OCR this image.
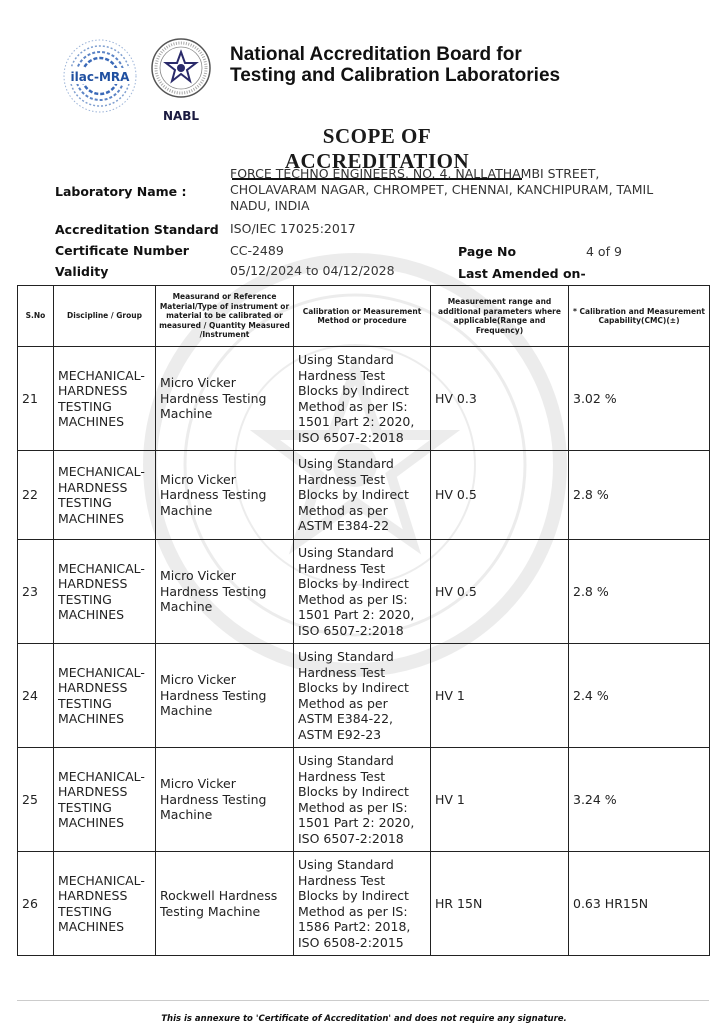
ilac-MRA
NABL
National Accreditation Board for
Testing and Calibration Laboratories
SCOPE OF ACCREDITATION
Laboratory Name :
FORCE TECHNO ENGINEERS, NO. 4, NALLATHAMBI STREET,
CHOLAVARAM NAGAR, CHROMPET, CHENNAI, KANCHIPURAM, TAMIL
NADU, INDIA
Accreditation Standard ISO/IEC 17025:2017
Certificate Number	CC-2489	Page No	4 of 9
Validity	05/12/2024 to 04/12/2028	Last Amended on-
S.No	Discipline / Group	Measurand or Reference Material/Type of instrument or material to be calibrated or measured / Quantity Measured /Instrument	Calibration or Measurement Method or procedure	Measurement range and additional parameters where applicable(Range and Frequency)	* Calibration and Measurement Capability(CMC)(±)
21	MECHANICAL- HARDNESS TESTING MACHINES	Micro Vicker Hardness Testing Machine	Using Standard Hardness Test Blocks by Indirect Method as per IS: 1501 Part 2: 2020, ISO 6507-2:2018	HV 0.3	3.02 %
22	MECHANICAL- HARDNESS TESTING MACHINES	Micro Vicker Hardness Testing Machine	Using Standard Hardness Test Blocks by Indirect Method as per ASTM E384-22	HV 0.5	2.8 %
23	MECHANICAL- HARDNESS TESTING MACHINES	Micro Vicker Hardness Testing Machine	Using Standard Hardness Test Blocks by Indirect Method as per IS: 1501 Part 2: 2020, ISO 6507-2:2018	HV 0.5	2.8 %
24	MECHANICAL- HARDNESS TESTING MACHINES	Micro Vicker Hardness Testing Machine	Using Standard Hardness Test Blocks by Indirect Method as per ASTM E384-22, ASTM E92-23	HV 1	2.4 %
25	MECHANICAL- HARDNESS TESTING MACHINES	Micro Vicker Hardness Testing Machine	Using Standard Hardness Test Blocks by Indirect Method as per IS: 1501 Part 2: 2020, ISO 6507-2:2018	HV 1	3.24 %
26	MECHANICAL- HARDNESS TESTING MACHINES	Rockwell Hardness Testing Machine	Using Standard Hardness Test Blocks by Indirect Method as per IS: 1586 Part2: 2018, ISO 6508-2:2015	HR 15N	0.63 HR15N
This is annexure to 'Certificate of Accreditation' and does not require any signature.
